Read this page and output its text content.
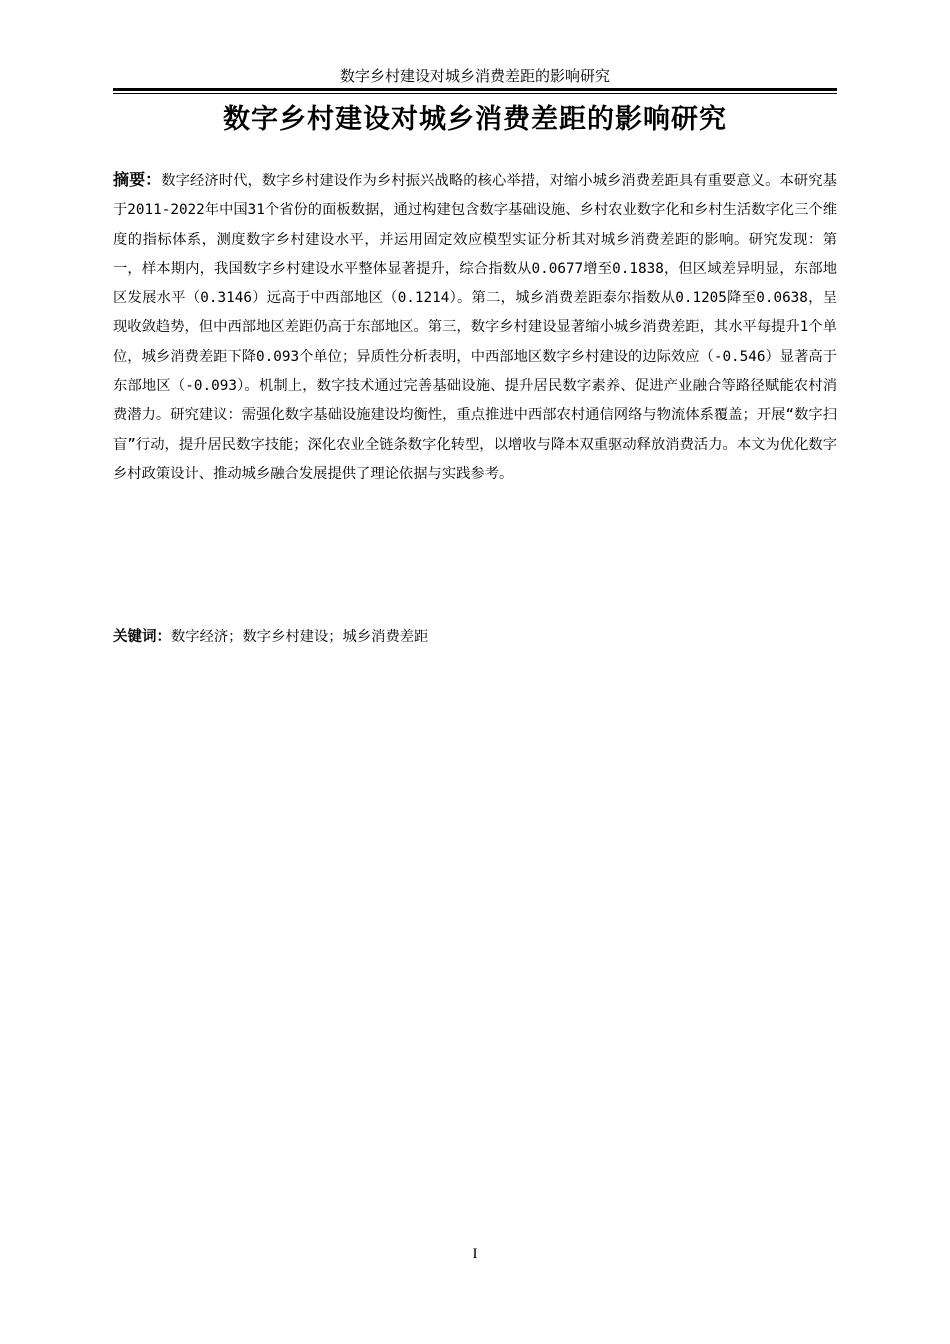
数字乡村建设对城乡消费差距的影响研究
数字乡村建设对城乡消费差距的影响研究

摘要：数字经济时代，数字乡村建设作为乡村振兴战略的核心举措，对缩小城乡消费差距具有重要意义。本研究基于2011-2022年中国31个省份的面板数据，通过构建包含数字基础设施、乡村农业数字化和乡村生活数字化三个维度的指标体系，测度数字乡村建设水平，并运用固定效应模型实证分析其对城乡消费差距的影响。研究发现：第一，样本期内，我国数字乡村建设水平整体显著提升，综合指数从0.0677增至0.1838，但区域差异明显，东部地区发展水平（0.3146）远高于中西部地区（0.1214）。第二，城乡消费差距泰尔指数从0.1205降至0.0638，呈现收敛趋势，但中西部地区差距仍高于东部地区。第三，数字乡村建设显著缩小城乡消费差距，其水平每提升1个单位，城乡消费差距下降0.093个单位；异质性分析表明，中西部地区数字乡村建设的边际效应（-0.546）显著高于东部地区（-0.093）。机制上，数字技术通过完善基础设施、提升居民数字素养、促进产业融合等路径赋能农村消费潜力。研究建议：需强化数字基础设施建设均衡性，重点推进中西部农村通信网络与物流体系覆盖；开展“数字扫盲”行动，提升居民数字技能；深化农业全链条数字化转型，以增收与降本双重驱动释放消费活力。本文为优化数字乡村政策设计、推动城乡融合发展提供了理论依据与实践参考。

关键词：数字经济；数字乡村建设；城乡消费差距

I
